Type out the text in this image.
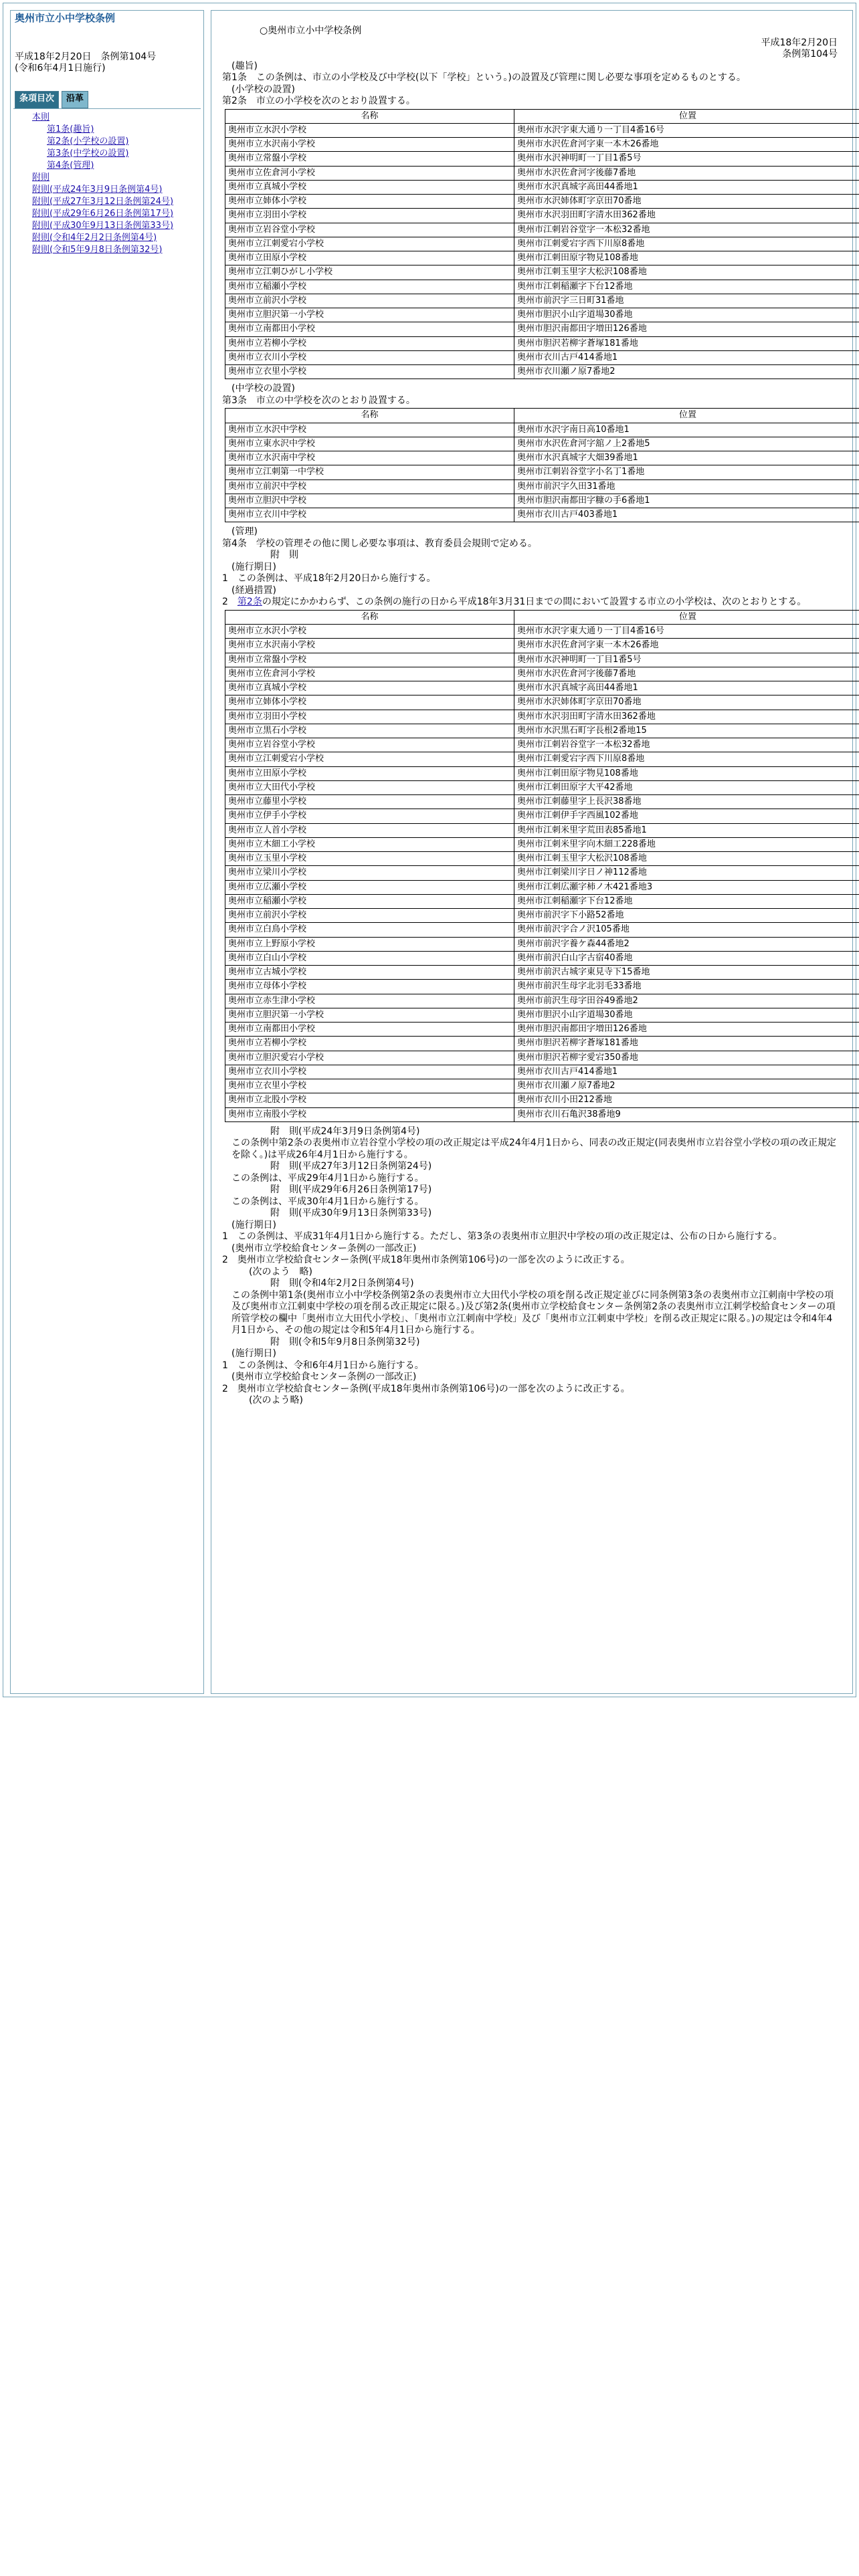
奥州市立小中学校条例
平成18年2月20日　条例第104号
(令和6年4月1日施行)
条項目次	沿革
本則
第1条(趣旨)
第2条(小学校の設置)
第3条(中学校の設置)
第4条(管理)
附則
附則(平成24年3月9日条例第4号)
附則(平成27年3月12日条例第24号)
附則(平成29年6月26日条例第17号)
附則(平成30年9月13日条例第33号)
附則(令和4年2月2日条例第4号)
附則(令和5年9月8日条例第32号)
○奥州市立小中学校条例
平成18年2月20日
条例第104号

(趣旨)

第1条　この条例は、市立の小学校及び中学校(以下「学校」という。)の設置及び管理に関し必要な事項を定めるものとする。

(小学校の設置)

第2条　市立の小学校を次のとおり設置する。

名称	位置
奥州市立水沢小学校	奥州市水沢字東大通り一丁目4番16号
奥州市立水沢南小学校	奥州市水沢佐倉河字東一本木26番地
奥州市立常盤小学校	奥州市水沢神明町一丁目1番5号
奥州市立佐倉河小学校	奥州市水沢佐倉河字後藤7番地
奥州市立真城小学校	奥州市水沢真城字高田44番地1
奥州市立姉体小学校	奥州市水沢姉体町字京田70番地
奥州市立羽田小学校	奥州市水沢羽田町字清水田362番地
奥州市立岩谷堂小学校	奥州市江刺岩谷堂字一本松32番地
奥州市立江刺愛宕小学校	奥州市江刺愛宕字西下川原8番地
奥州市立田原小学校	奥州市江刺田原字物見108番地
奥州市立江刺ひがし小学校	奥州市江刺玉里字大松沢108番地
奥州市立稲瀬小学校	奥州市江刺稲瀬字下台12番地
奥州市立前沢小学校	奥州市前沢字三日町31番地
奥州市立胆沢第一小学校	奥州市胆沢小山字道場30番地
奥州市立南都田小学校	奥州市胆沢南都田字増田126番地
奥州市立若柳小学校	奥州市胆沢若柳字蒼塚181番地
奥州市立衣川小学校	奥州市衣川古戸414番地1
奥州市立衣里小学校	奥州市衣川瀬ノ原7番地2

(中学校の設置)

第3条　市立の中学校を次のとおり設置する。

名称	位置
奥州市立水沢中学校	奥州市水沢字南日高10番地1
奥州市立東水沢中学校	奥州市水沢佐倉河字舘ノ上2番地5
奥州市立水沢南中学校	奥州市水沢真城字大畑39番地1
奥州市立江刺第一中学校	奥州市江刺岩谷堂字小名丁1番地
奥州市立前沢中学校	奥州市前沢字久田31番地
奥州市立胆沢中学校	奥州市胆沢南都田字糠の手6番地1
奥州市立衣川中学校	奥州市衣川古戸403番地1

(管理)

第4条　学校の管理その他に関し必要な事項は、教育委員会規則で定める。

附　則

(施行期日)

1　この条例は、平成18年2月20日から施行する。

(経過措置)

2　第2条の規定にかかわらず、この条例の施行の日から平成18年3月31日までの間において設置する市立の小学校は、次のとおりとする。

名称	位置
奥州市立水沢小学校	奥州市水沢字東大通り一丁目4番16号
奥州市立水沢南小学校	奥州市水沢佐倉河字東一本木26番地
奥州市立常盤小学校	奥州市水沢神明町一丁目1番5号
奥州市立佐倉河小学校	奥州市水沢佐倉河字後藤7番地
奥州市立真城小学校	奥州市水沢真城字高田44番地1
奥州市立姉体小学校	奥州市水沢姉体町字京田70番地
奥州市立羽田小学校	奥州市水沢羽田町字清水田362番地
奥州市立黒石小学校	奥州市水沢黒石町字長根2番地15
奥州市立岩谷堂小学校	奥州市江刺岩谷堂字一本松32番地
奥州市立江刺愛宕小学校	奥州市江刺愛宕字西下川原8番地
奥州市立田原小学校	奥州市江刺田原字物見108番地
奥州市立大田代小学校	奥州市江刺田原字大平42番地
奥州市立藤里小学校	奥州市江刺藤里字上長沢38番地
奥州市立伊手小学校	奥州市江刺伊手字西風102番地
奥州市立人首小学校	奥州市江刺米里字荒田表85番地1
奥州市立木細工小学校	奥州市江刺米里字向木細工228番地
奥州市立玉里小学校	奥州市江刺玉里字大松沢108番地
奥州市立梁川小学校	奥州市江刺梁川字日ノ神112番地
奥州市立広瀬小学校	奥州市江刺広瀬字柿ノ木421番地3
奥州市立稲瀬小学校	奥州市江刺稲瀬字下台12番地
奥州市立前沢小学校	奥州市前沢字下小路52番地
奥州市立白鳥小学校	奥州市前沢字合ノ沢105番地
奥州市立上野原小学校	奥州市前沢字養ケ森44番地2
奥州市立白山小学校	奥州市前沢白山字古宿40番地
奥州市立古城小学校	奥州市前沢古城字東見寺下15番地
奥州市立母体小学校	奥州市前沢生母字北羽毛33番地
奥州市立赤生津小学校	奥州市前沢生母字田谷49番地2
奥州市立胆沢第一小学校	奥州市胆沢小山字道場30番地
奥州市立南都田小学校	奥州市胆沢南都田字増田126番地
奥州市立若柳小学校	奥州市胆沢若柳字蒼塚181番地
奥州市立胆沢愛宕小学校	奥州市胆沢若柳字愛宕350番地
奥州市立衣川小学校	奥州市衣川古戸414番地1
奥州市立衣里小学校	奥州市衣川瀬ノ原7番地2
奥州市立北股小学校	奥州市衣川小田212番地
奥州市立南股小学校	奥州市衣川石亀沢38番地9

附　則(平成24年3月9日条例第4号)

この条例中第2条の表奥州市立岩谷堂小学校の項の改正規定は平成24年4月1日から、同表の改正規定(同表奥州市立岩谷堂小学校の項の改正規定を除く。)は平成26年4月1日から施行する。

附　則(平成27年3月12日条例第24号)

この条例は、平成29年4月1日から施行する。

附　則(平成29年6月26日条例第17号)

この条例は、平成30年4月1日から施行する。

附　則(平成30年9月13日条例第33号)

(施行期日)

1　この条例は、平成31年4月1日から施行する。ただし、第3条の表奥州市立胆沢中学校の項の改正規定は、公布の日から施行する。

(奥州市立学校給食センター条例の一部改正)

2　奥州市立学校給食センター条例(平成18年奥州市条例第106号)の一部を次のように改正する。

(次のよう　略)

附　則(令和4年2月2日条例第4号)

この条例中第1条(奥州市立小中学校条例第2条の表奥州市立大田代小学校の項を削る改正規定並びに同条例第3条の表奥州市立江刺南中学校の項及び奥州市立江刺東中学校の項を削る改正規定に限る。)及び第2条(奥州市立学校給食センター条例第2条の表奥州市立江刺学校給食センターの項所管学校の欄中「奥州市立大田代小学校」、「奥州市立江刺南中学校」及び「奥州市立江刺東中学校」を削る改正規定に限る。)の規定は令和4年4月1日から、その他の規定は令和5年4月1日から施行する。

附　則(令和5年9月8日条例第32号)

(施行期日)

1　この条例は、令和6年4月1日から施行する。

(奥州市立学校給食センター条例の一部改正)

2　奥州市立学校給食センター条例(平成18年奥州市条例第106号)の一部を次のように改正する。

(次のよう略)
